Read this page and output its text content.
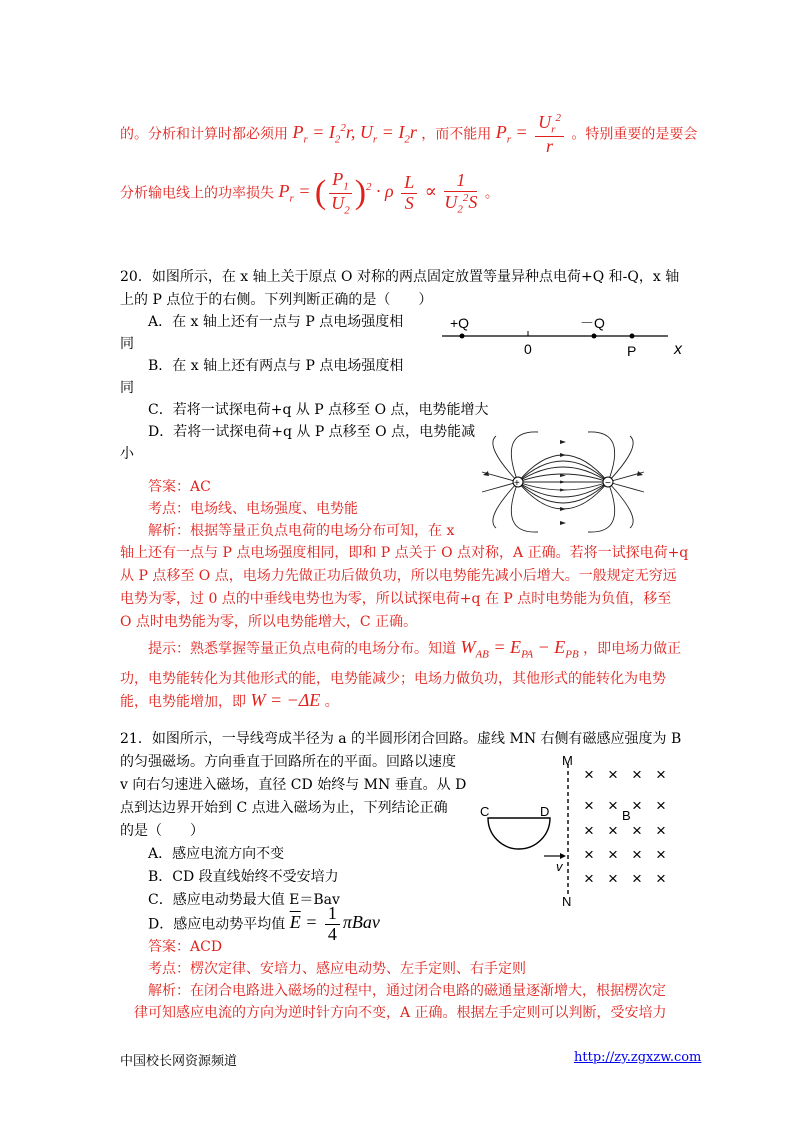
的。分析和计算时都必须用 $P_r = I_2^2r$, $U_r = I_2r$ ，而不能用 $P_r = \frac{U_r^2}{r}$ 。特别重要的是要会
分析输电线上的功率损失 $P_r$ = ( $\frac{P_1}{U_2} )^2 \cdot \rho \frac{L}{S} \propto \frac{1}{U_2^2S}$ 。
20．如图所示，在 x 轴上关于原点 O 对称的两点固定放置等量异种点电荷+Q 和-Q，x 轴
上的 P 点位于的右侧。下列判断正确的是（　　）
A．在 x 轴上还有一点与 P 点电场强度相
同
B．在 x 轴上还有两点与 P 点电场强度相
同
C．若将一试探电荷+q 从 P 点移至 O 点，电势能增大
D．若将一试探电荷+q 从 P 点移至 O 点，电势能减
小
+Q	－Q
0	P x
+	−
答案：AC
考点：电场线、电场强度、电势能
解析：根据等量正负点电荷的电场分布可知，在 x
轴上还有一点与 P 点电场强度相同，即和 P 点关于 O 点对称，A 正确。若将一试探电荷+q
从 P 点移至 O 点，电场力先做正功后做负功，所以电势能先减小后增大。一般规定无穷远
电势为零，过 0 点的中垂线电势也为零，所以试探电荷+q 在 P 点时电势能为负值，移至
O 点时电势能为零，所以电势能增大，C 正确。
提示：熟悉掌握等量正负点电荷的电场分布。知道 $W_{AB} = E_{PA} - E_{PB}$ ，即电场力做正
功，电势能转化为其他形式的能，电势能减少；电场力做负功，其他形式的能转化为电势
能，电势能增加，即 W = −ΔE 。
21．如图所示，一导线弯成半径为 a 的半圆形闭合回路。虚线 MN 右侧有磁感应强度为 B
的匀强磁场。方向垂直于回路所在的平面。回路以速度
v 向右匀速进入磁场，直径 CD 始终与 MN 垂直。从 D
点到达边界开始到 C 点进入磁场为止，下列结论正确
的是（　　）
A．感应电流方向不变
B．CD 段直线始终不受安培力
C．感应电动势最大值 E＝Bav
D．感应电动势平均值 $\overline{E} = \frac{1}{4}$ πBav
M
N
C	D
v
× × × ×
× × × ×
× × × ×
× × × ×
× × × ×
B
答案：ACD
考点：楞次定律、安培力、感应电动势、左手定则、右手定则
解析：在闭合电路进入磁场的过程中，通过闭合电路的磁通量逐渐增大，根据楞次定
律可知感应电流的方向为逆时针方向不变，A 正确。根据左手定则可以判断，受安培力
中国校长网资源频道	http://zy.zgxzw.com
